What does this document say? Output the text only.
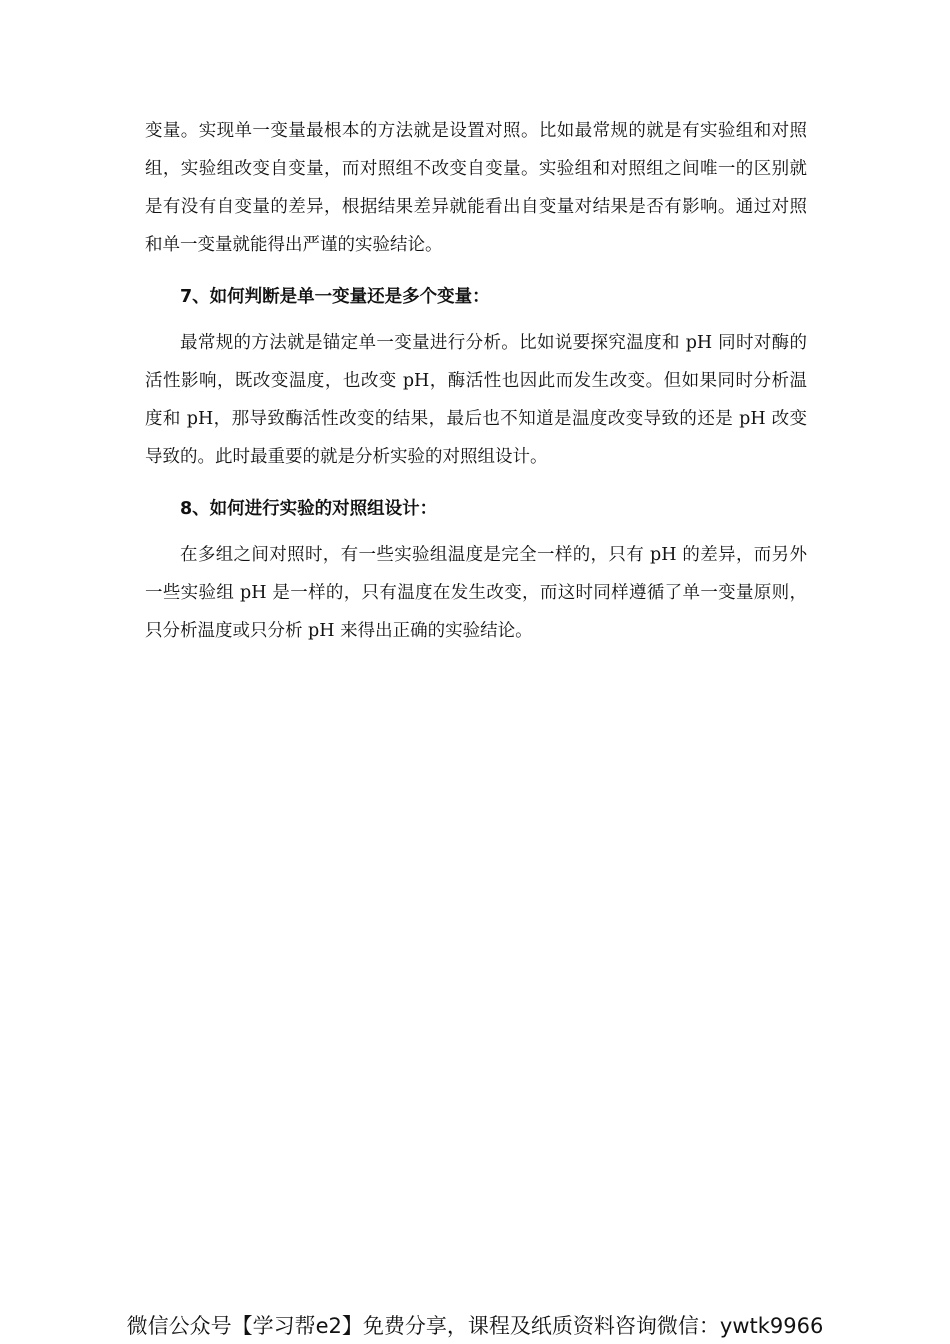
变量。实现单一变量最根本的方法就是设置对照。比如最常规的就是有实验组和对照组，实验组改变自变量，而对照组不改变自变量。实验组和对照组之间唯一的区别就是有没有自变量的差异，根据结果差异就能看出自变量对结果是否有影响。通过对照和单一变量就能得出严谨的实验结论。

7、如何判断是单一变量还是多个变量：

最常规的方法就是锚定单一变量进行分析。比如说要探究温度和 pH 同时对酶的活性影响，既改变温度，也改变 pH，酶活性也因此而发生改变。但如果同时分析温度和 pH，那导致酶活性改变的结果，最后也不知道是温度改变导致的还是 pH 改变导致的。此时最重要的就是分析实验的对照组设计。

8、如何进行实验的对照组设计：

在多组之间对照时，有一些实验组温度是完全一样的，只有 pH 的差异，而另外一些实验组 pH 是一样的，只有温度在发生改变，而这时同样遵循了单一变量原则，只分析温度或只分析 pH 来得出正确的实验结论。

微信公众号【学习帮e2】免费分享，课程及纸质资料咨询微信：ywtk9966
